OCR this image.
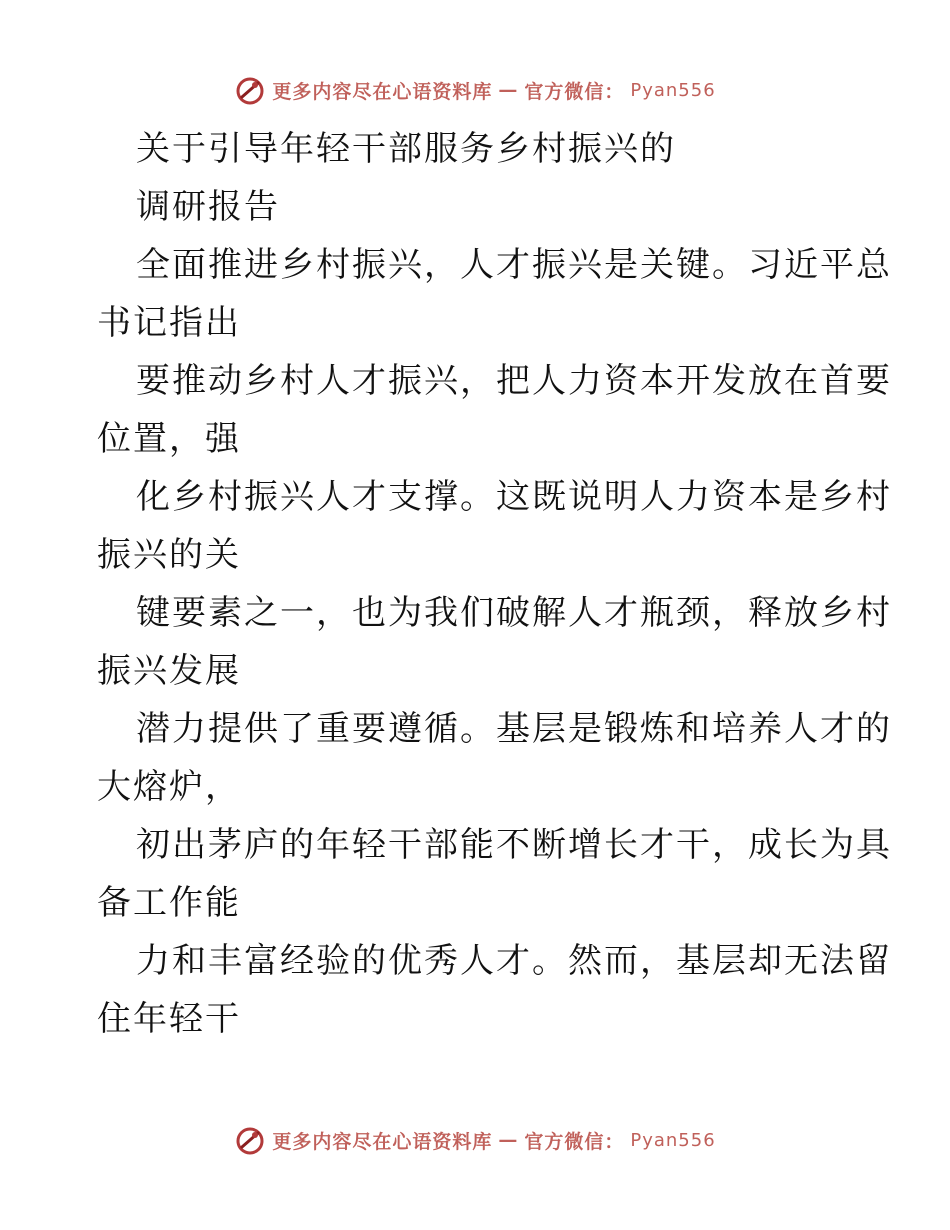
更多内容尽在心语资料库 — 官方微信： Pyan556
关于引导年轻干部服务乡村振兴的
调研报告
全面推进乡村振兴，人才振兴是关键。习近平总
书记指出
要推动乡村人才振兴，把人力资本开发放在首要
位置，强
化乡村振兴人才支撑。这既说明人力资本是乡村
振兴的关
键要素之一，也为我们破解人才瓶颈，释放乡村
振兴发展
潜力提供了重要遵循。基层是锻炼和培养人才的
大熔炉，
初出茅庐的年轻干部能不断增长才干，成长为具
备工作能
力和丰富经验的优秀人才。然而，基层却无法留
住年轻干
更多内容尽在心语资料库 — 官方微信： Pyan556
